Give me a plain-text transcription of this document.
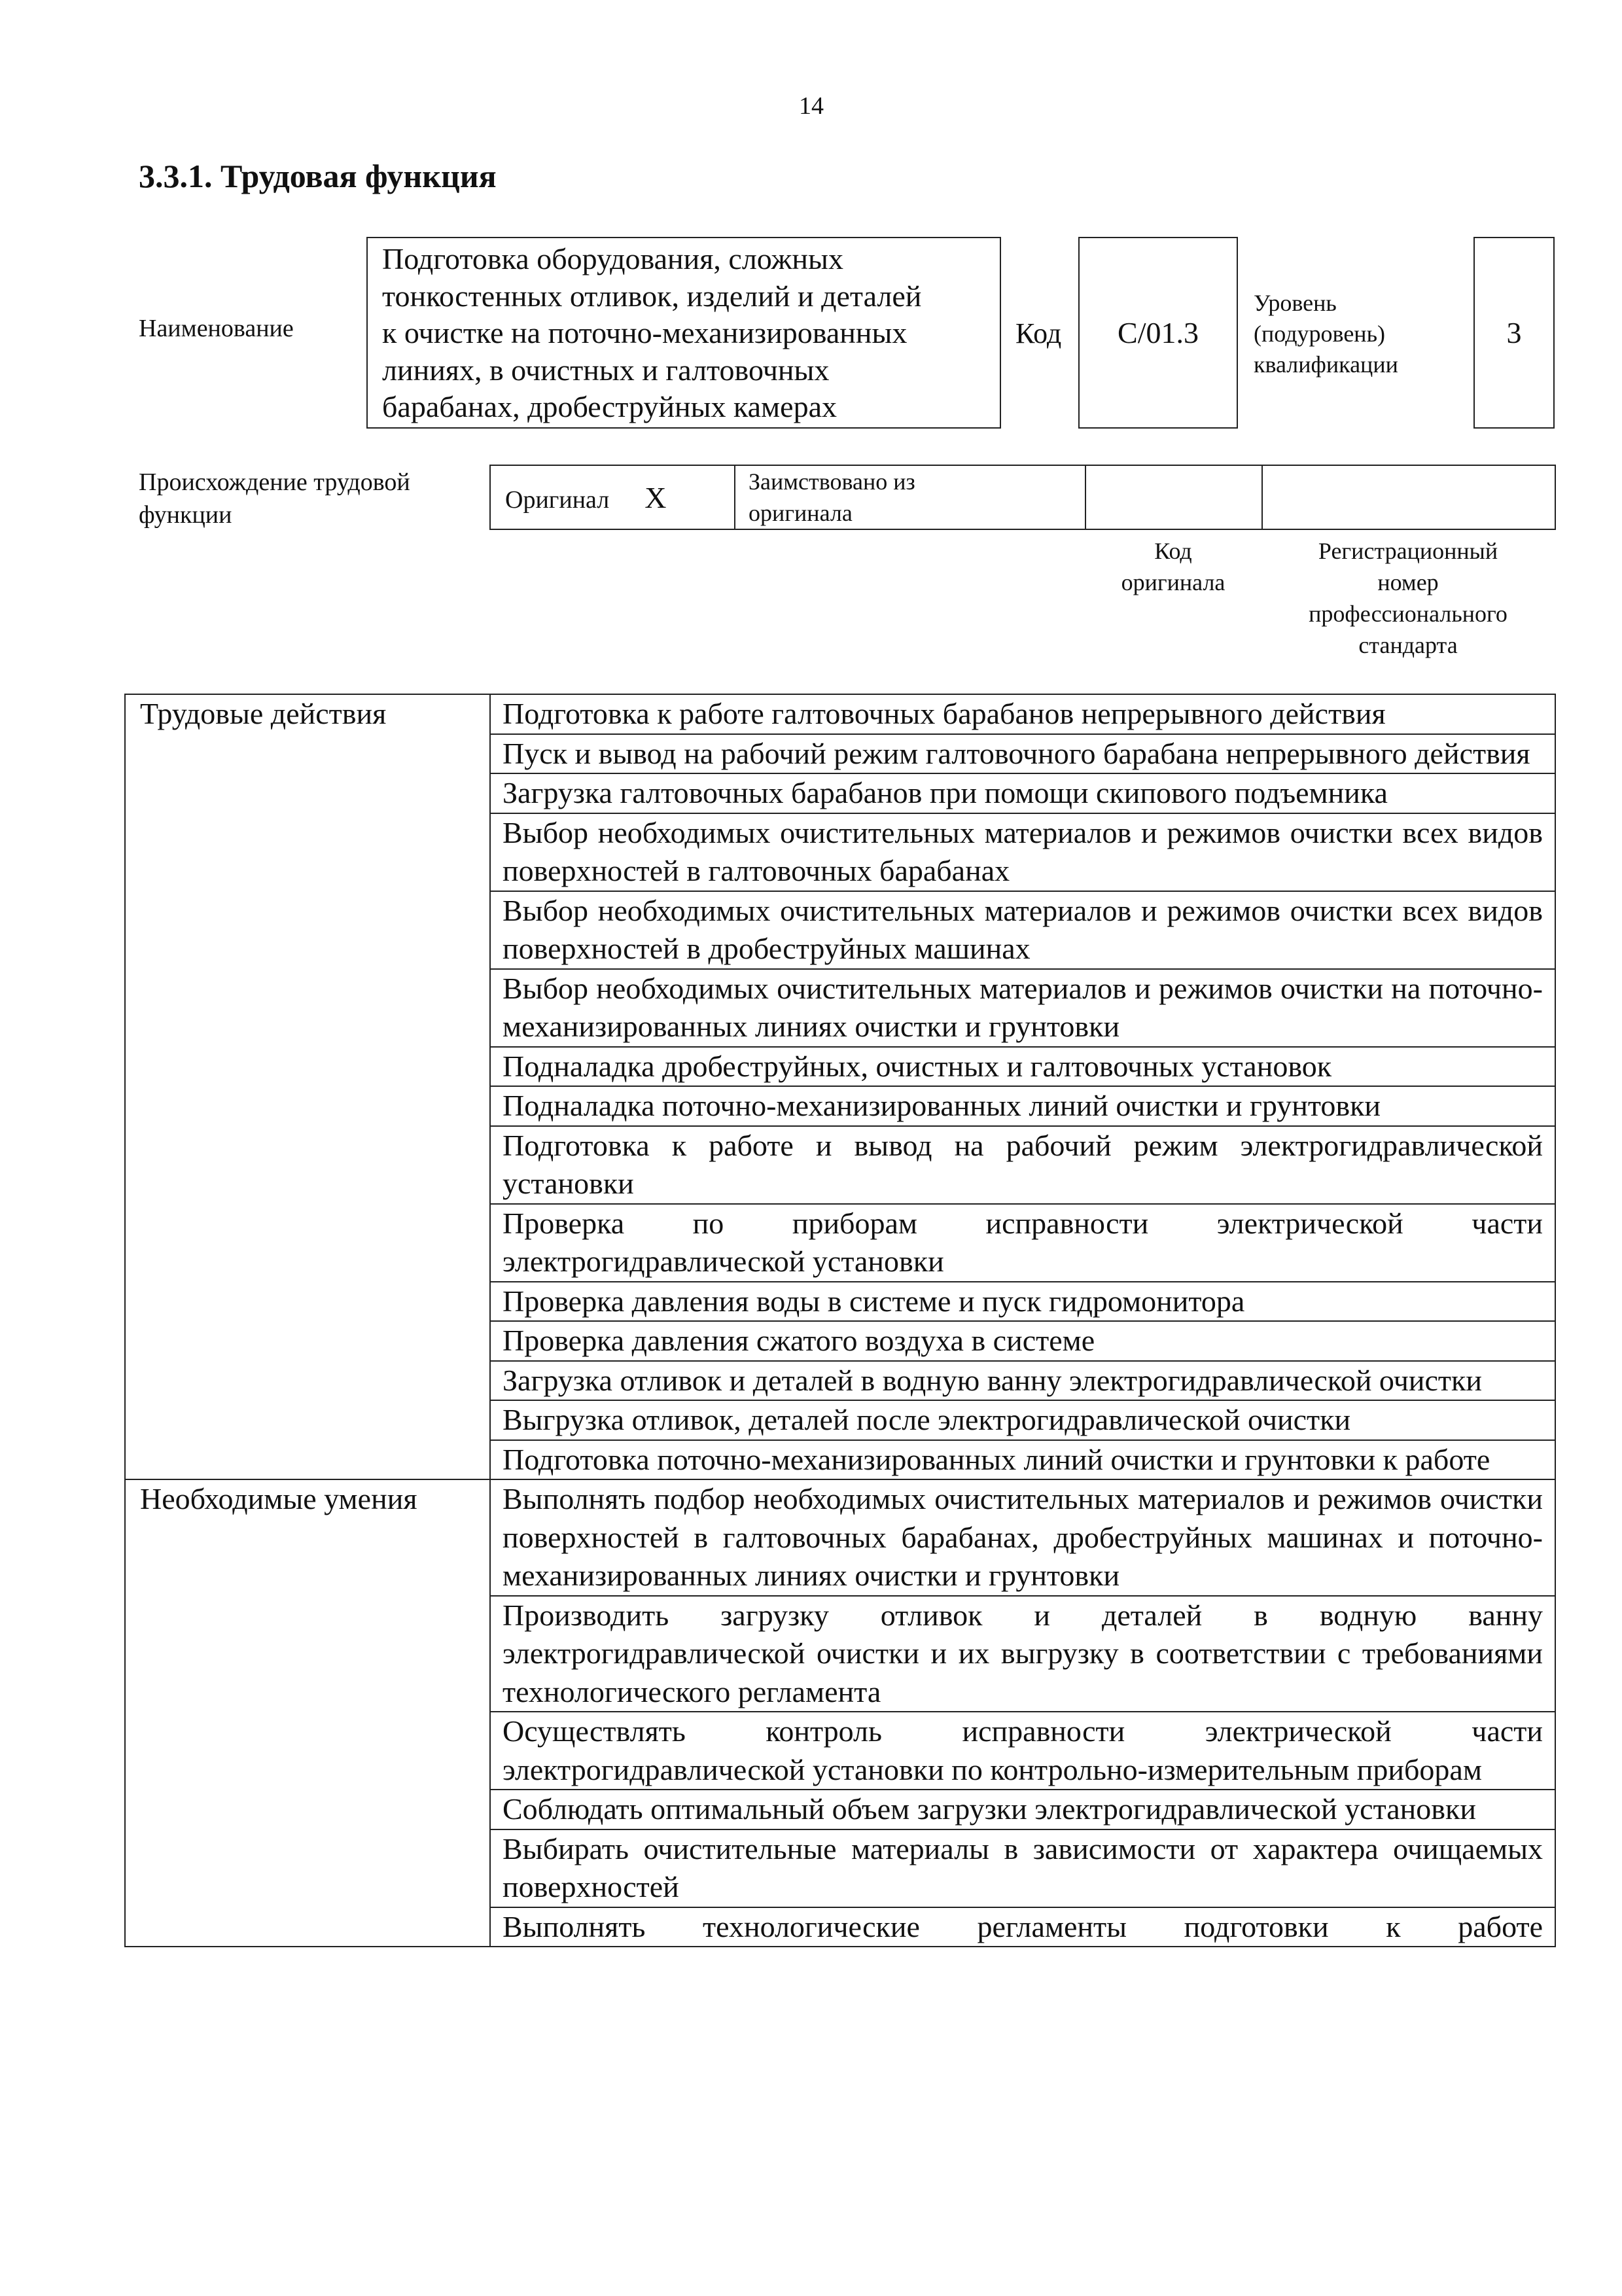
14
3.3.1. Трудовая функция
Наименование
Подготовка оборудования, сложных
тонкостенных отливок, изделий и деталей
к очистке на поточно-механизированных
линиях, в очистных и галтовочных
барабанах, дробеструйных камерах
Код C/01.3
Уровень
(подуровень)
квалификации
3
Происхождение трудовой
функции
Оригинал X	Заимствовано из
оригинала

Код
оригинала
Регистрационный
номер
профессионального
стандарта
Трудовые действия	Подготовка к работе галтовочных барабанов непрерывного действия
	Пуск и вывод на рабочий режим галтовочного барабана непрерывного действия
	Загрузка галтовочных барабанов при помощи скипового подъемника
	Выбор необходимых очистительных материалов и режимов очистки всех видов поверхностей в галтовочных барабанах
	Выбор необходимых очистительных материалов и режимов очистки всех видов поверхностей в дробеструйных машинах
	Выбор необходимых очистительных материалов и режимов очистки на поточно-механизированных линиях очистки и грунтовки
	Подналадка дробеструйных, очистных и галтовочных установок
	Подналадка поточно-механизированных линий очистки и грунтовки
	Подготовка к работе и вывод на рабочий режим электрогидравлической установки
	Проверка по приборам исправности электрической части электрогидравлической установки
	Проверка давления воды в системе и пуск гидромонитора
	Проверка давления сжатого воздуха в системе
	Загрузка отливок и деталей в водную ванну электрогидравлической очистки
	Выгрузка отливок, деталей после электрогидравлической очистки
	Подготовка поточно-механизированных линий очистки и грунтовки к работе
Необходимые умения	Выполнять подбор необходимых очистительных материалов и режимов очистки поверхностей в галтовочных барабанах, дробеструйных машинах и поточно-механизированных линиях очистки и грунтовки
	Производить загрузку отливок и деталей в водную ванну электрогидравлической очистки и их выгрузку в соответствии с требованиями технологического регламента
	Осуществлять контроль исправности электрической части электрогидравлической установки по контрольно-измерительным приборам
	Соблюдать оптимальный объем загрузки электрогидравлической установки
	Выбирать очистительные материалы в зависимости от характера очищаемых поверхностей
	Выполнять технологические регламенты подготовки к работе
